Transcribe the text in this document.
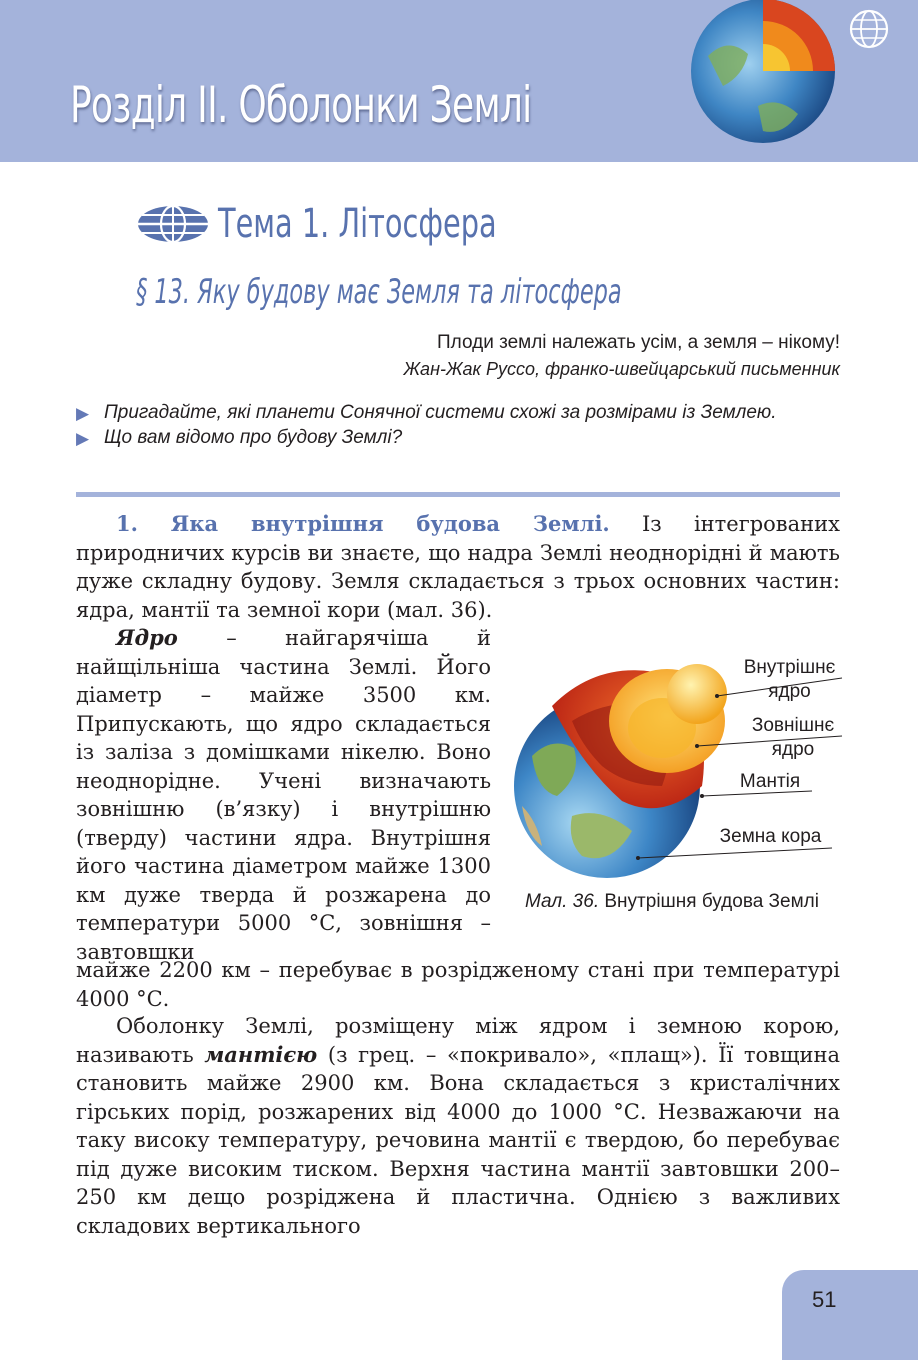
Розділ ІІ. Оболонки Землі
Тема 1. Літосфера
§ 13. Яку будову має Земля та літосфера
Плоди землі належать усім, а земля – нікому!
Жан-Жак Руссо, франко-швейцарський письменник
▶ Пригадайте, які планети Сонячної системи схожі за розмірами із Землею.
▶ Що вам відомо про будову Землі?
1. Яка внутрішня будова Землі. Із інтегрованих природничих курсів ви знаєте, що надра Землі неоднорідні й мають дуже складну будову. Земля складається з трьох основних частин: ядра, мантії та земної кори (мал. 36).
Ядро – найгарячіша й найщільніша частина Землі. Його діаметр – майже 3500 км. Припускають, що ядро складається із заліза з домішками нікелю. Воно неоднорідне. Учені визначають зовнішню (в’язку) і внутрішню (тверду) частини ядра. Внутрішня його частина діаметром майже 1300 км дуже тверда й розжарена до температури 5000 °С, зовнішня – завтовшки
майже 2200 км – перебуває в розрідженому стані при температурі 4000 °С.
Оболонку Землі, розміщену між ядром і земною корою, називають мантією (з грец. – «покривало», «плащ»). Її товщина становить майже 2900 км. Вона складається з кристалічних гірських порід, розжарених від 4000 до 1000 °С. Незважаючи на таку високу температуру, речовина мантії є твердою, бо перебуває під дуже високим тиском. Верхня частина мантії завтовшки 200–250 км дещо розріджена й пластична. Однією з важливих складових вертикального
Внутрішнє ядро
Зовнішнє ядро
Мантія
Земна кора
Мал. 36. Внутрішня будова Землі
51
